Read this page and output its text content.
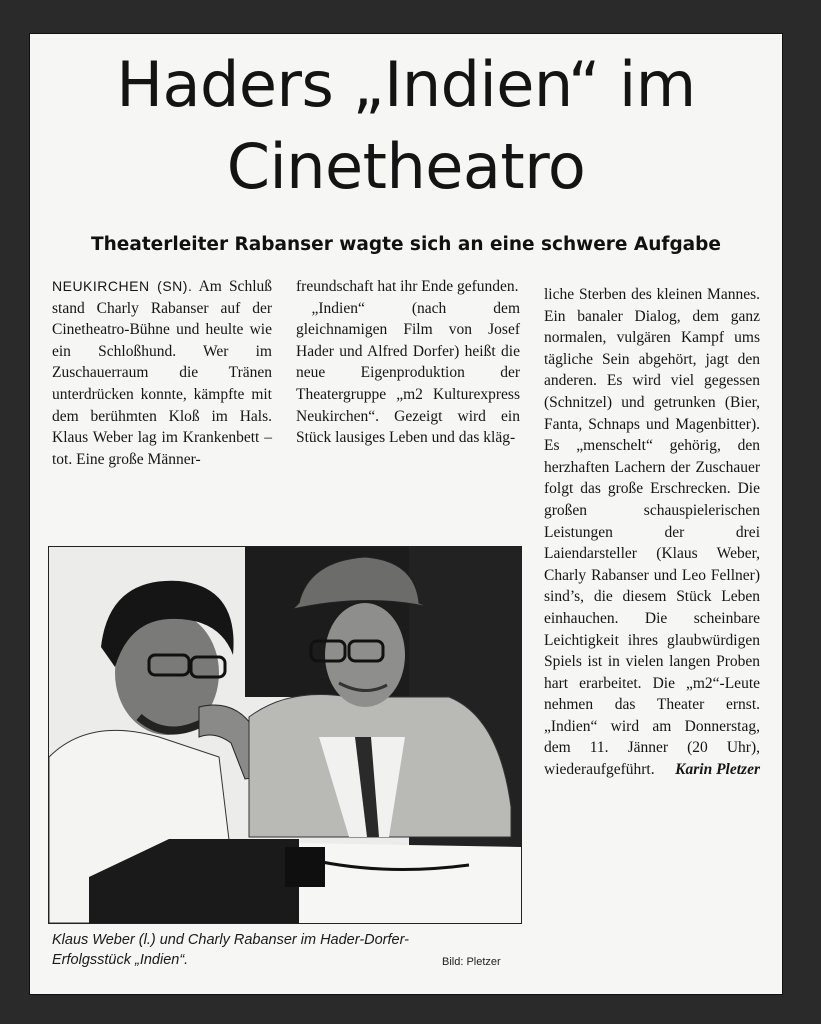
Haders „Indien“ im
Cinetheatro
Theaterleiter Rabanser wagte sich an eine schwere Aufgabe

NEUKIRCHEN (SN). Am Schluß stand Charly Rabanser auf der Cinetheatro-Bühne und heulte wie ein Schloßhund. Wer im Zuschauerraum die Tränen unterdrücken konnte, kämpfte mit dem berühmten Kloß im Hals. Klaus Weber lag im Krankenbett – tot. Eine große Männer-

freundschaft hat ihr Ende gefunden.

„Indien“ (nach dem gleichnamigen Film von Josef Hader und Alfred Dorfer) heißt die neue Eigenproduktion der Theatergruppe „m2 Kulturexpress Neukirchen“. Gezeigt wird ein Stück lausiges Leben und das kläg-

liche Sterben des kleinen Mannes. Ein banaler Dialog, dem ganz normalen, vulgären Kampf ums tägliche Sein abgehört, jagt den anderen. Es wird viel gegessen (Schnitzel) und getrunken (Bier, Fanta, Schnaps und Magenbitter). Es „menschelt“ gehörig, den herzhaften Lachern der Zuschauer folgt das große Erschrecken. Die großen schauspielerischen Leistungen der drei Laiendarsteller (Klaus Weber, Charly Rabanser und Leo Fellner) sind’s, die diesem Stück Leben einhauchen. Die scheinbare Leichtigkeit ihres glaubwürdigen Spiels ist in vielen langen Proben hart erarbeitet. Die „m2“-Leute nehmen das Theater ernst. „Indien“ wird am Donnerstag, dem 11. Jänner (20 Uhr), wiederaufgeführt. Karin Pletzer

Klaus Weber (l.) und Charly Rabanser im Hader-Dorfer-Erfolgsstück „Indien“.	Bild: Pletzer
